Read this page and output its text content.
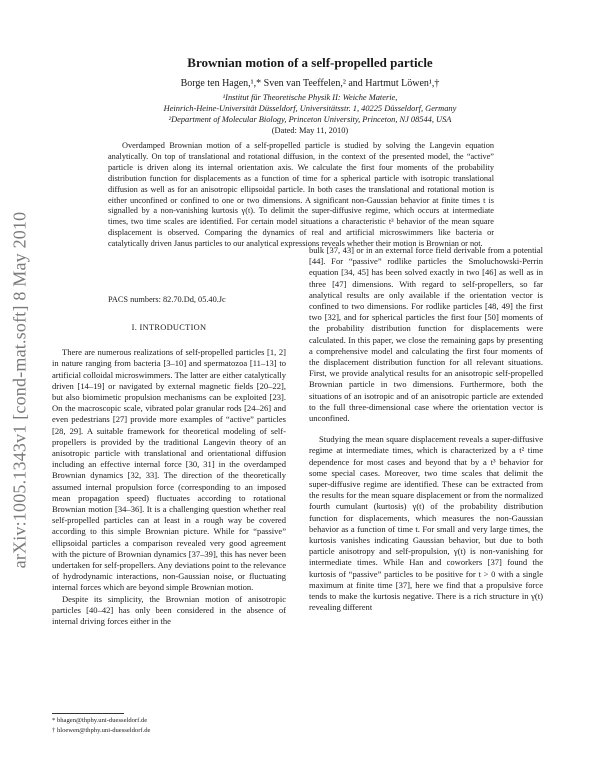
arXiv:1005.1343v1 [cond-mat.soft] 8 May 2010
Brownian motion of a self-propelled particle
Borge ten Hagen,¹,* Sven van Teeffelen,² and Hartmut Löwen¹,†
¹Institut für Theoretische Physik II: Weiche Materie,
Heinrich-Heine-Universität Düsseldorf, Universitätsstr. 1, 40225 Düsseldorf, Germany
²Department of Molecular Biology, Princeton University, Princeton, NJ 08544, USA
(Dated: May 11, 2010)

Overdamped Brownian motion of a self-propelled particle is studied by solving the Langevin equation analytically. On top of translational and rotational diffusion, in the context of the presented model, the “active” particle is driven along its internal orientation axis. We calculate the first four moments of the probability distribution function for displacements as a function of time for a spherical particle with isotropic translational diffusion as well as for an anisotropic ellipsoidal particle. In both cases the translational and rotational motion is either unconfined or confined to one or two dimensions. A significant non-Gaussian behavior at finite times t is signalled by a non-vanishing kurtosis γ(t). To delimit the super-diffusive regime, which occurs at intermediate times, two time scales are identified. For certain model situations a characteristic t³ behavior of the mean square displacement is observed. Comparing the dynamics of real and artificial microswimmers like bacteria or catalytically driven Janus particles to our analytical expressions reveals whether their motion is Brownian or not.

PACS numbers: 82.70.Dd, 05.40.Jc
I. INTRODUCTION

There are numerous realizations of self-propelled particles [1, 2] in nature ranging from bacteria [3–10] and spermatozoa [11–13] to artificial colloidal microswimmers. The latter are either catalytically driven [14–19] or navigated by external magnetic fields [20–22], but also biomimetic propulsion mechanisms can be exploited [23]. On the macroscopic scale, vibrated polar granular rods [24–26] and even pedestrians [27] provide more examples of “active” particles [28, 29]. A suitable framework for theoretical modeling of self-propellers is provided by the traditional Langevin theory of an anisotropic particle with translational and orientational diffusion including an effective internal force [30, 31] in the overdamped Brownian dynamics [32, 33]. The direction of the theoretically assumed internal propulsion force (corresponding to an imposed mean propagation speed) fluctuates according to rotational Brownian motion [34–36]. It is a challenging question whether real self-propelled particles can at least in a rough way be covered according to this simple Brownian picture. While for “passive” ellipsoidal particles a comparison revealed very good agreement with the picture of Brownian dynamics [37–39], this has never been undertaken for self-propellers. Any deviations point to the relevance of hydrodynamic interactions, non-Gaussian noise, or fluctuating internal forces which are beyond simple Brownian motion.

Despite its simplicity, the Brownian motion of anisotropic particles [40–42] has only been considered in the absence of internal driving forces either in the

bulk [37, 43] or in an external force field derivable from a potential [44]. For “passive” rodlike particles the Smoluchowski-Perrin equation [34, 45] has been solved exactly in two [46] as well as in three [47] dimensions. With regard to self-propellers, so far analytical results are only available if the orientation vector is confined to two dimensions. For rodlike particles [48, 49] the first two [32], and for spherical particles the first four [50] moments of the probability distribution function for displacements were calculated. In this paper, we close the remaining gaps by presenting a comprehensive model and calculating the first four moments of the displacement distribution function for all relevant situations. First, we provide analytical results for an anisotropic self-propelled Brownian particle in two dimensions. Furthermore, both the situations of an isotropic and of an anisotropic particle are extended to the full three-dimensional case where the orientation vector is unconfined.

Studying the mean square displacement reveals a super-diffusive regime at intermediate times, which is characterized by a t² time dependence for most cases and beyond that by a t³ behavior for some special cases. Moreover, two time scales that delimit the super-diffusive regime are identified. These can be extracted from the results for the mean square displacement or from the normalized fourth cumulant (kurtosis) γ(t) of the probability distribution function for displacements, which measures the non-Gaussian behavior as a function of time t. For small and very large times, the kurtosis vanishes indicating Gaussian behavior, but due to both particle anisotropy and self-propulsion, γ(t) is non-vanishing for intermediate times. While Han and coworkers [37] found the kurtosis of “passive” particles to be positive for t > 0 with a single maximum at finite time [37], here we find that a propulsive force tends to make the kurtosis negative. There is a rich structure in γ(t) revealing different

* bhagen@thphy.uni-duesseldorf.de
† hloewen@thphy.uni-duesseldorf.de
